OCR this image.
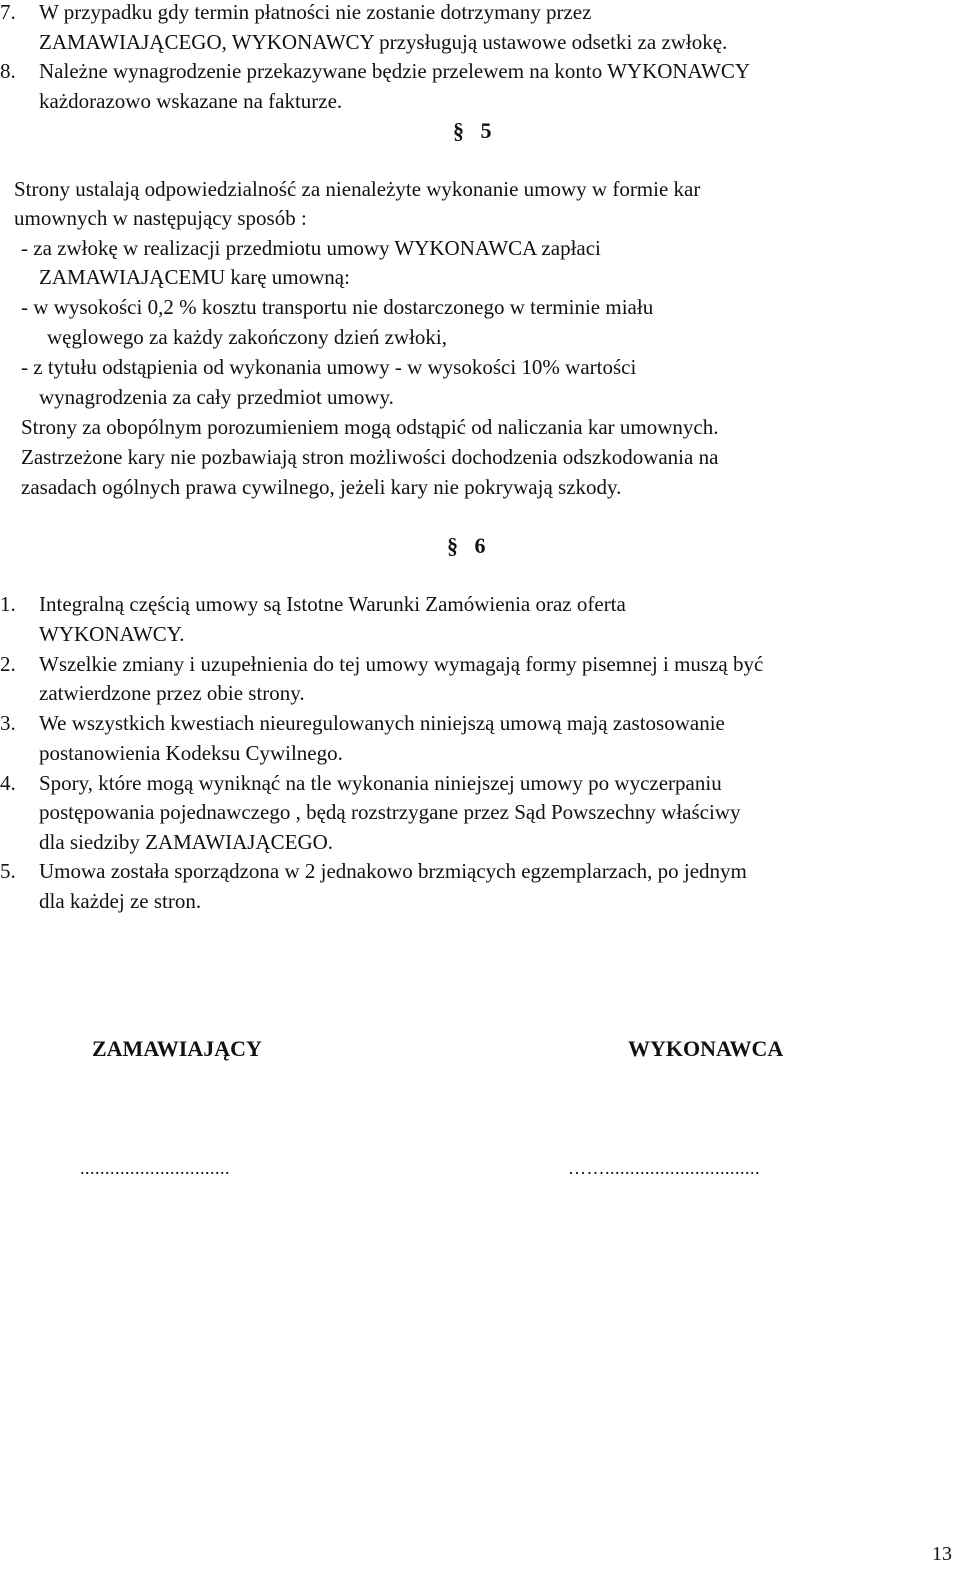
7. W przypadku gdy termin płatności nie zostanie dotrzymany przez
ZAMAWIAJĄCEGO, WYKONAWCY przysługują ustawowe odsetki za zwłokę.
8. Należne wynagrodzenie przekazywane będzie przelewem na konto WYKONAWCY
każdorazowo wskazane na fakturze.
§ 5
Strony ustalają odpowiedzialność za nienależyte wykonanie umowy w formie kar
umownych w następujący sposób :
- za zwłokę w realizacji przedmiotu umowy WYKONAWCA zapłaci
ZAMAWIAJĄCEMU karę umowną:
- w wysokości 0,2 % kosztu transportu nie dostarczonego w terminie miału
węglowego za każdy zakończony dzień zwłoki,
- z tytułu odstąpienia od wykonania umowy - w wysokości 10% wartości
wynagrodzenia za cały przedmiot umowy.
Strony za obopólnym porozumieniem mogą odstąpić od naliczania kar umownych.
Zastrzeżone kary nie pozbawiają stron możliwości dochodzenia odszkodowania na
zasadach ogólnych prawa cywilnego, jeżeli kary nie pokrywają szkody.
§ 6
1. Integralną częścią umowy są Istotne Warunki Zamówienia oraz oferta
WYKONAWCY.
2. Wszelkie zmiany i uzupełnienia do tej umowy wymagają formy pisemnej i muszą być
zatwierdzone przez obie strony.
3. We wszystkich kwestiach nieuregulowanych niniejszą umową mają zastosowanie
postanowienia Kodeksu Cywilnego.
4. Spory, które mogą wyniknąć na tle wykonania niniejszej umowy po wyczerpaniu
postępowania pojednawczego , będą rozstrzygane przez Sąd Powszechny właściwy
dla siedziby ZAMAWIAJĄCEGO.
5. Umowa została sporządzona w 2 jednakowo brzmiących egzemplarzach, po jednym
dla każdej ze stron.
ZAMAWIAJĄCY	WYKONAWCA
..............................	……...............................
13
